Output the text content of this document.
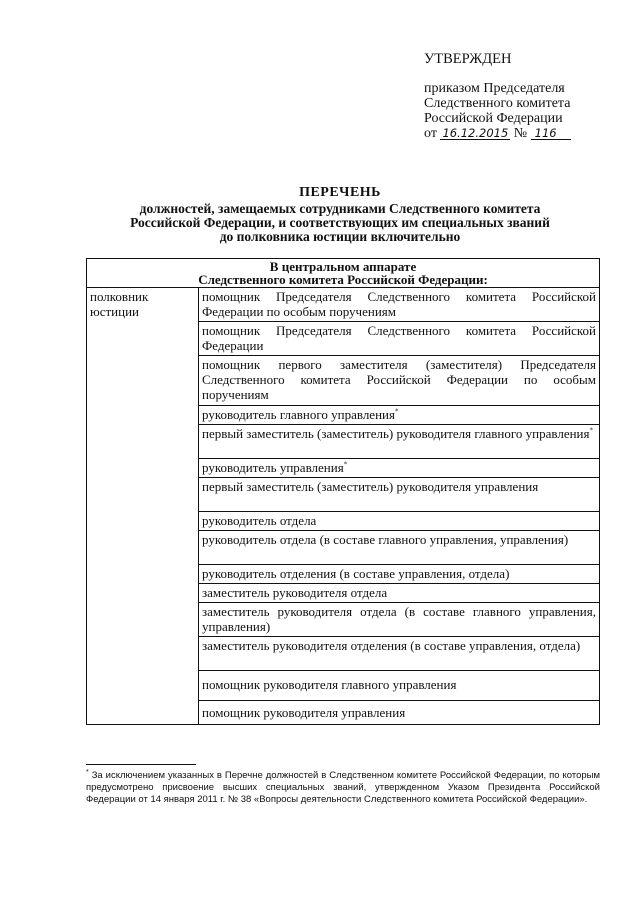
УТВЕРЖДЕН
приказом Председателя
Следственного комитета
Российской Федерации
от 16.12.2015 № 116
ПЕРЕЧЕНЬ
должностей, замещаемых сотрудниками Следственного комитета
Российской Федерации, и соответствующих им специальных званий
до полковника юстиции включительно
В центральном аппарате
Следственного комитета Российской Федерации:

полковник юстиции	помощник Председателя Следственного комитета Российской Федерации по особым поручениям
помощник Председателя Следственного комитета Российской Федерации
помощник первого заместителя (заместителя) Председателя Следственного комитета Российской Федерации по особым поручениям
руководитель главного управления*
первый заместитель (заместитель) руководителя главного управления*
руководитель управления*
первый заместитель (заместитель) руководителя управления
руководитель отдела
руководитель отдела (в составе главного управления, управления)
руководитель отделения (в составе управления, отдела)
заместитель руководителя отдела
заместитель руководителя отдела (в составе главного управления, управления)
заместитель руководителя отделения (в составе управления, отдела)
помощник руководителя главного управления
помощник руководителя управления
* За исключением указанных в Перечне должностей в Следственном комитете Российской Федерации, по которым предусмотрено присвоение высших специальных званий, утвержденном Указом Президента Российской Федерации от 14 января 2011 г. № 38 «Вопросы деятельности Следственного комитета Российской Федерации».
